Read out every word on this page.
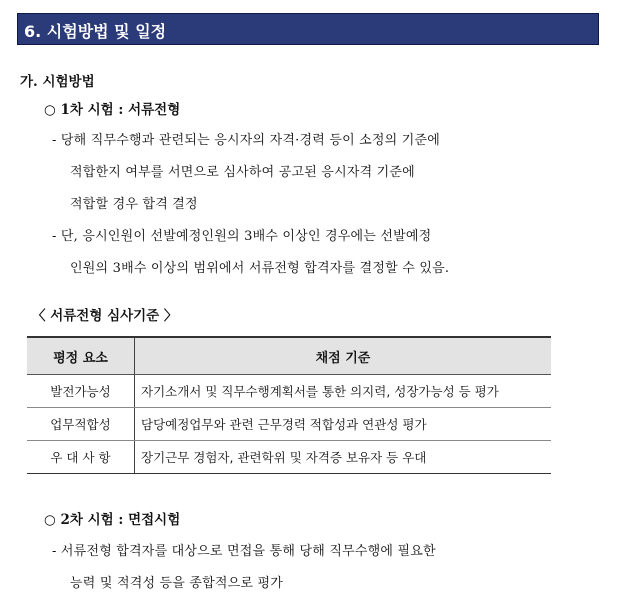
6. 시험방법 및 일정
가. 시험방법
○ 1차 시험 : 서류전형
- 당해 직무수행과 관련되는 응시자의 자격·경력 등이 소정의 기준에
적합한지 여부를 서면으로 심사하여 공고된 응시자격 기준에
적합할 경우 합격 결정
- 단, 응시인원이 선발예정인원의 3배수 이상인 경우에는 선발예정
인원의 3배수 이상의 범위에서 서류전형 합격자를 결정할 수 있음.
〈 서류전형 심사기준 〉
평정 요소	채점 기준
발전가능성	자기소개서 및 직무수행계획서를 통한 의지력, 성장가능성 등 평가
업무적합성	담당예정업무와 관련 근무경력 적합성과 연관성 평가
우 대 사 항	장기근무 경험자, 관련학위 및 자격증 보유자 등 우대
○ 2차 시험 : 면접시험
- 서류전형 합격자를 대상으로 면접을 통해 당해 직무수행에 필요한
능력 및 적격성 등을 종합적으로 평가
